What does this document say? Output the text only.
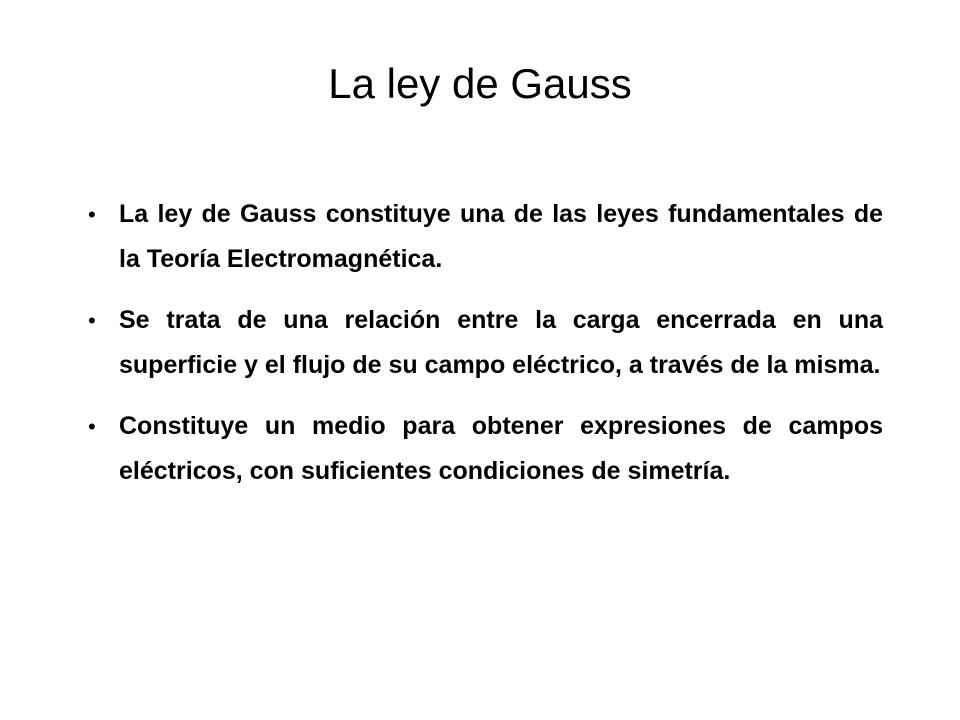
La ley de Gauss
• La ley de Gauss constituye una de las leyes fundamentales de la Teoría Electromagnética.
• Se trata de una relación entre la carga encerrada en una superficie y el flujo de su campo eléctrico, a través de la misma.
• Constituye un medio para obtener expresiones de campos eléctricos, con suficientes condiciones de simetría.
